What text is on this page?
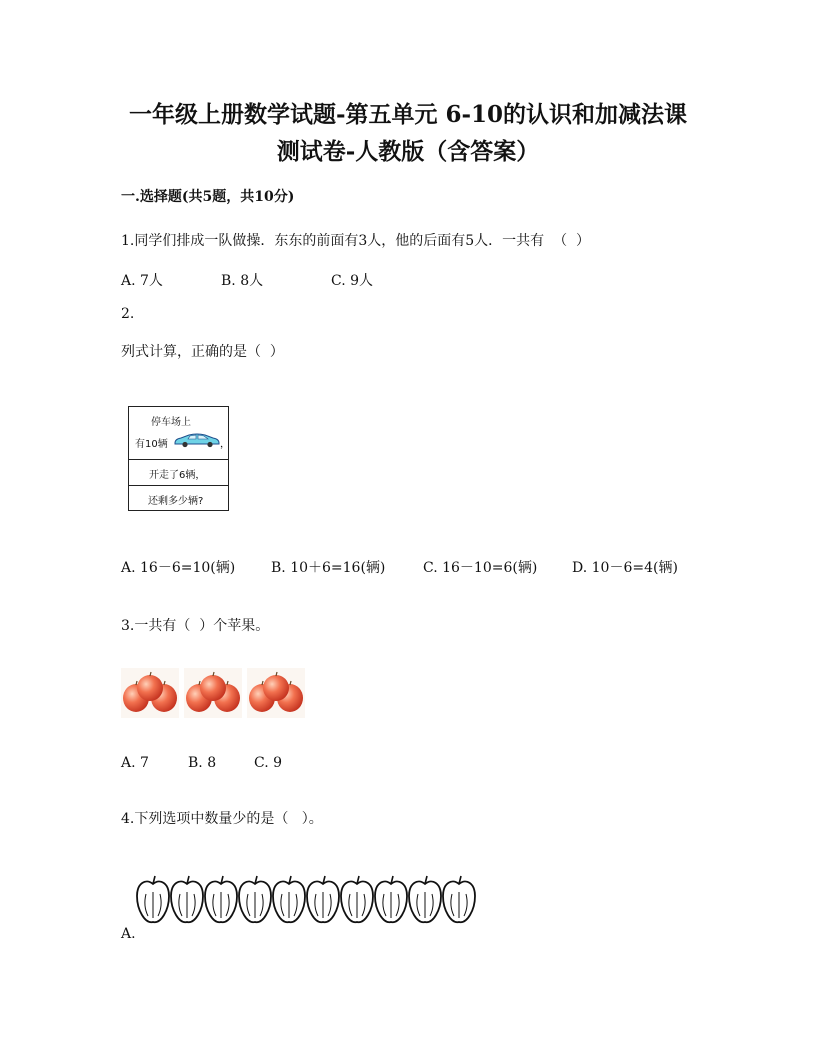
一年级上册数学试题-第五单元 6-10的认识和加减法课
测试卷-人教版（含答案）
一.选择题(共5题，共10分)
1.同学们排成一队做操．东东的前面有3人，他的后面有5人．一共有  （  ）
A. 7人	B. 8人	C. 9人
2.
列式计算，正确的是（  ）
停车场上
有10辆	，
开走了6辆，
还剩多少辆?
A. 16－6=10(辆)	B. 10＋6=16(辆)	C. 16－10=6(辆) D. 10－6=4(辆)
3.一共有（  ）个苹果。
A. 7	B. 8	C. 9
4.下列选项中数量少的是（   ）。
A.
